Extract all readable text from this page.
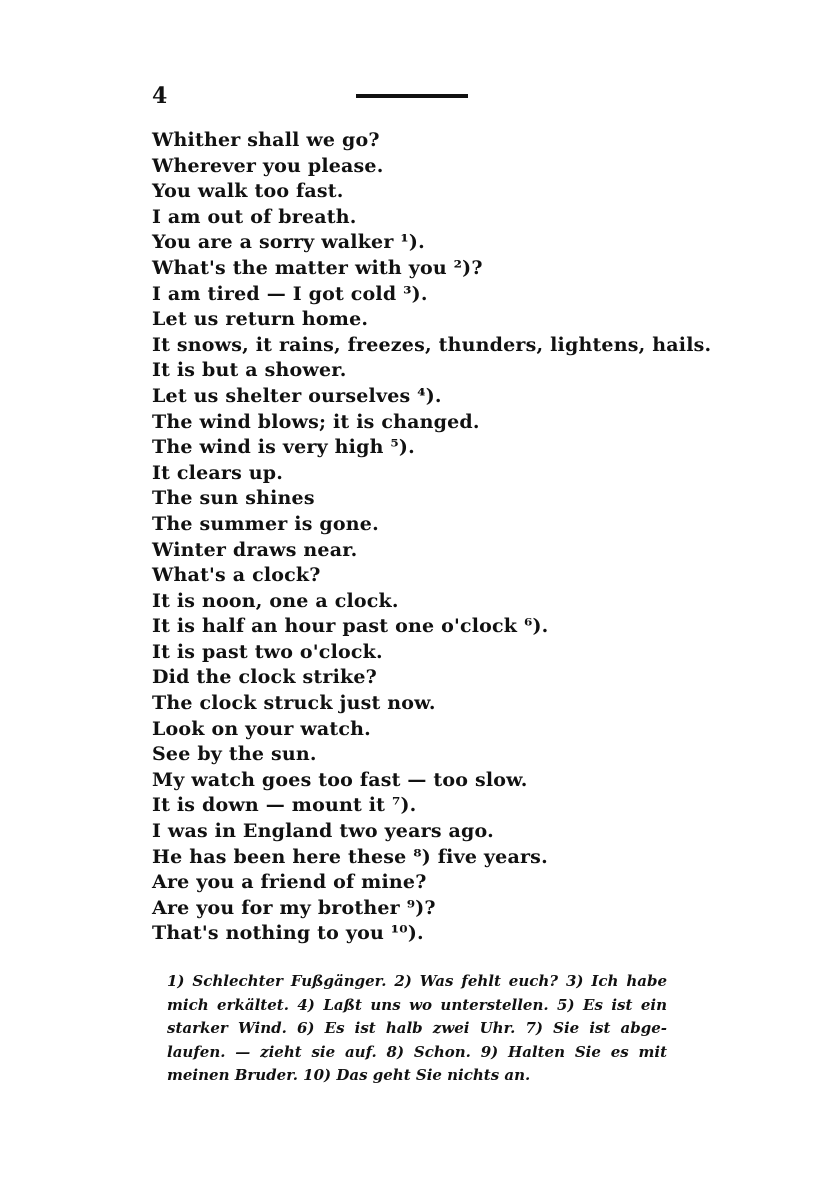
4
Whither shall we go?
Wherever you please.
You walk too fast.
I am out of breath.
You are a sorry walker ¹).
What's the matter with you ²)?
I am tired — I got cold ³).
Let us return home.
It snows, it rains, freezes, thunders, lightens, hails.
It is but a shower.
Let us shelter ourselves ⁴).
The wind blows; it is changed.
The wind is very high ⁵).
It clears up.
The sun shines
The summer is gone.
Winter draws near.
What's a clock?
It is noon, one a clock.
It is half an hour past one o'clock ⁶).
It is past two o'clock.
Did the clock strike?
The clock struck just now.
Look on your watch.
See by the sun.
My watch goes too fast — too slow.
It is down — mount it ⁷).
I was in England two years ago.
He has been here these ⁸) five years.
Are you a friend of mine?
Are you for my brother ⁹)?
That's nothing to you ¹⁰).
1) Schlechter Fußgänger. 2) Was fehlt euch? 3) Ich habe
mich erkältet. 4) Laßt uns wo unterstellen. 5) Es ist ein
starker Wind. 6) Es ist halb zwei Uhr. 7) Sie ist abge-
laufen. — zieht sie auf. 8) Schon. 9) Halten Sie es mit
meinen Bruder. 10) Das geht Sie nichts an.
